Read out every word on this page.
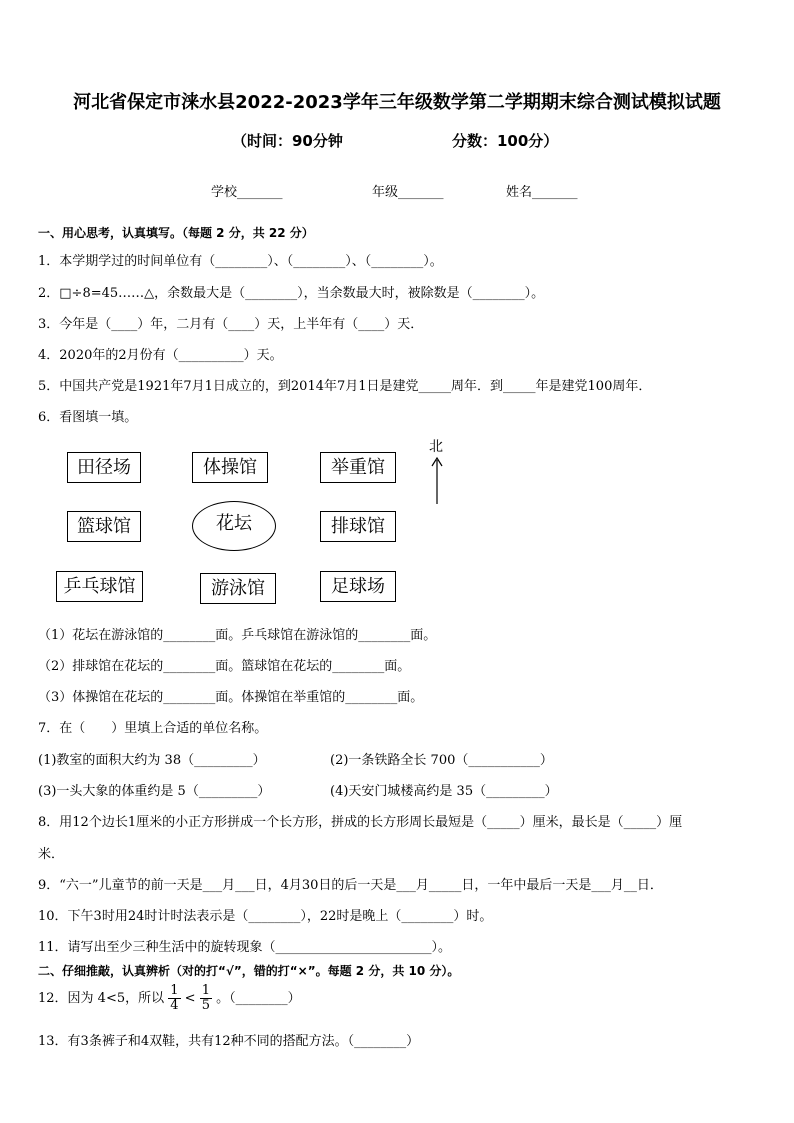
河北省保定市涞水县2022-2023学年三年级数学第二学期期末综合测试模拟试题
（时间：90分钟	分数：100分）
学校_______	年级_______	姓名_______
一、用心思考，认真填写。（每题 2 分，共 22 分）
1．本学期学过的时间单位有（________）、（________）、（________）。
2．□÷8=45……△，余数最大是（________），当余数最大时，被除数是（________）。
3．今年是（____）年，二月有（____）天，上半年有（____）天．
4．2020年的2月份有（__________）天。
5．中国共产党是1921年7月1日成立的，到2014年7月1日是建党_____周年．到_____年是建党100周年．
6．看图填一填。
田径场	体操馆	举重馆
篮球馆	花坛	排球馆
乒乓球馆	游泳馆	足球场
北
（1）花坛在游泳馆的________面。乒乓球馆在游泳馆的________面。
（2）排球馆在花坛的________面。篮球馆在花坛的________面。
（3）体操馆在花坛的________面。体操馆在举重馆的________面。
7．在（　　）里填上合适的单位名称。
(1)教室的面积大约为 38（_________）	(2)一条铁路全长 700（___________）
(3)一头大象的体重约是 5（_________）	(4)天安门城楼高约是 35（_________）
8．用12个边长1厘米的小正方形拼成一个长方形，拼成的长方形周长最短是（_____）厘米，最长是（_____）厘
米．
9．“六一”儿童节的前一天是___月___日，4月30日的后一天是___月_____日，一年中最后一天是___月__日．
10．下午3时用24时计时法表示是（________），22时是晚上（________）时。
11．请写出至少三种生活中的旋转现象（________________________）。
二、仔细推敲，认真辨析（对的打“√”，错的打“×”。每题 2 分，共 10 分）。
12．因为 4<5，所以 $\frac{1}{4} < \frac{1}{5}$ 。（________）
13．有3条裤子和4双鞋，共有12种不同的搭配方法。（________）
